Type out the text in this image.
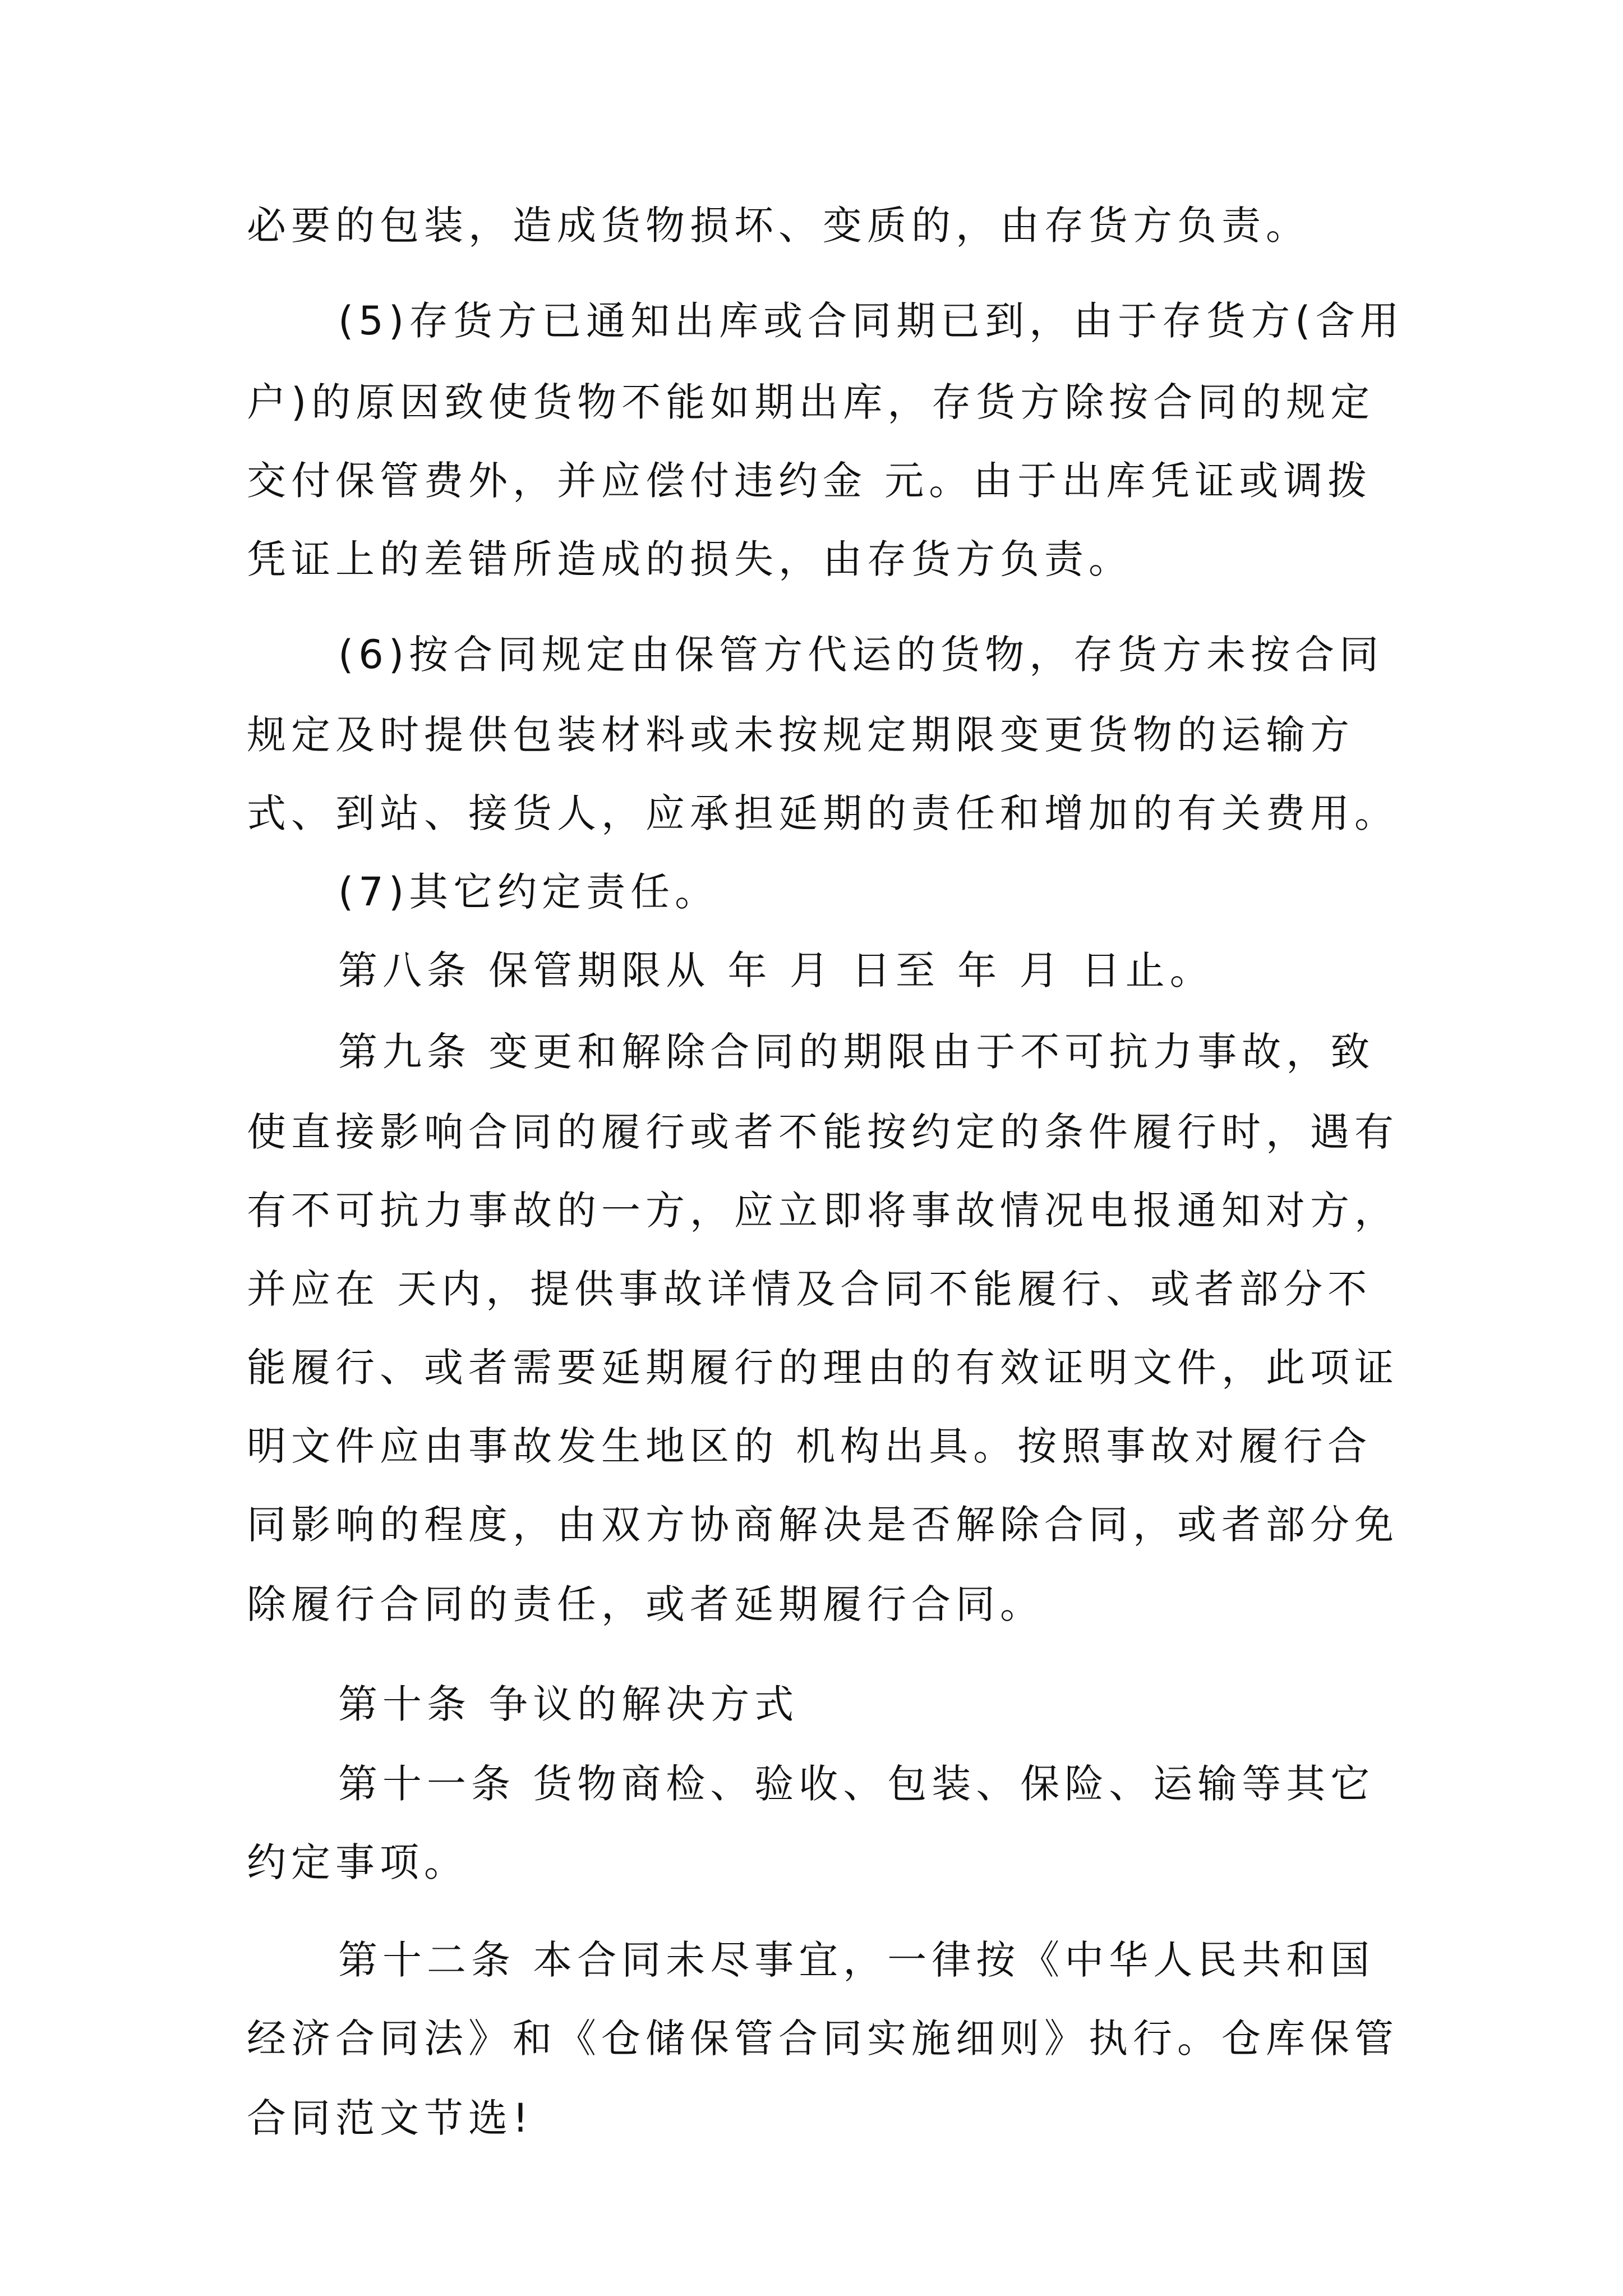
必要的包装，造成货物损坏、变质的，由存货方负责。
(5)存货方已通知出库或合同期已到，由于存货方(含用
户)的原因致使货物不能如期出库，存货方除按合同的规定
交付保管费外，并应偿付违约金 元。由于出库凭证或调拨
凭证上的差错所造成的损失，由存货方负责。
(6)按合同规定由保管方代运的货物，存货方未按合同
规定及时提供包装材料或未按规定期限变更货物的运输方
式、到站、接货人，应承担延期的责任和增加的有关费用。
(7)其它约定责任。
第八条 保管期限从 年 月 日至 年 月 日止。
第九条 变更和解除合同的期限由于不可抗力事故，致
使直接影响合同的履行或者不能按约定的条件履行时，遇有
有不可抗力事故的一方，应立即将事故情况电报通知对方，
并应在 天内，提供事故详情及合同不能履行、或者部分不
能履行、或者需要延期履行的理由的有效证明文件，此项证
明文件应由事故发生地区的 机构出具。按照事故对履行合
同影响的程度，由双方协商解决是否解除合同，或者部分免
除履行合同的责任，或者延期履行合同。
第十条 争议的解决方式
第十一条 货物商检、验收、包装、保险、运输等其它
约定事项。
第十二条 本合同未尽事宜，一律按《中华人民共和国
经济合同法》和《仓储保管合同实施细则》执行。仓库保管
合同范文节选!
